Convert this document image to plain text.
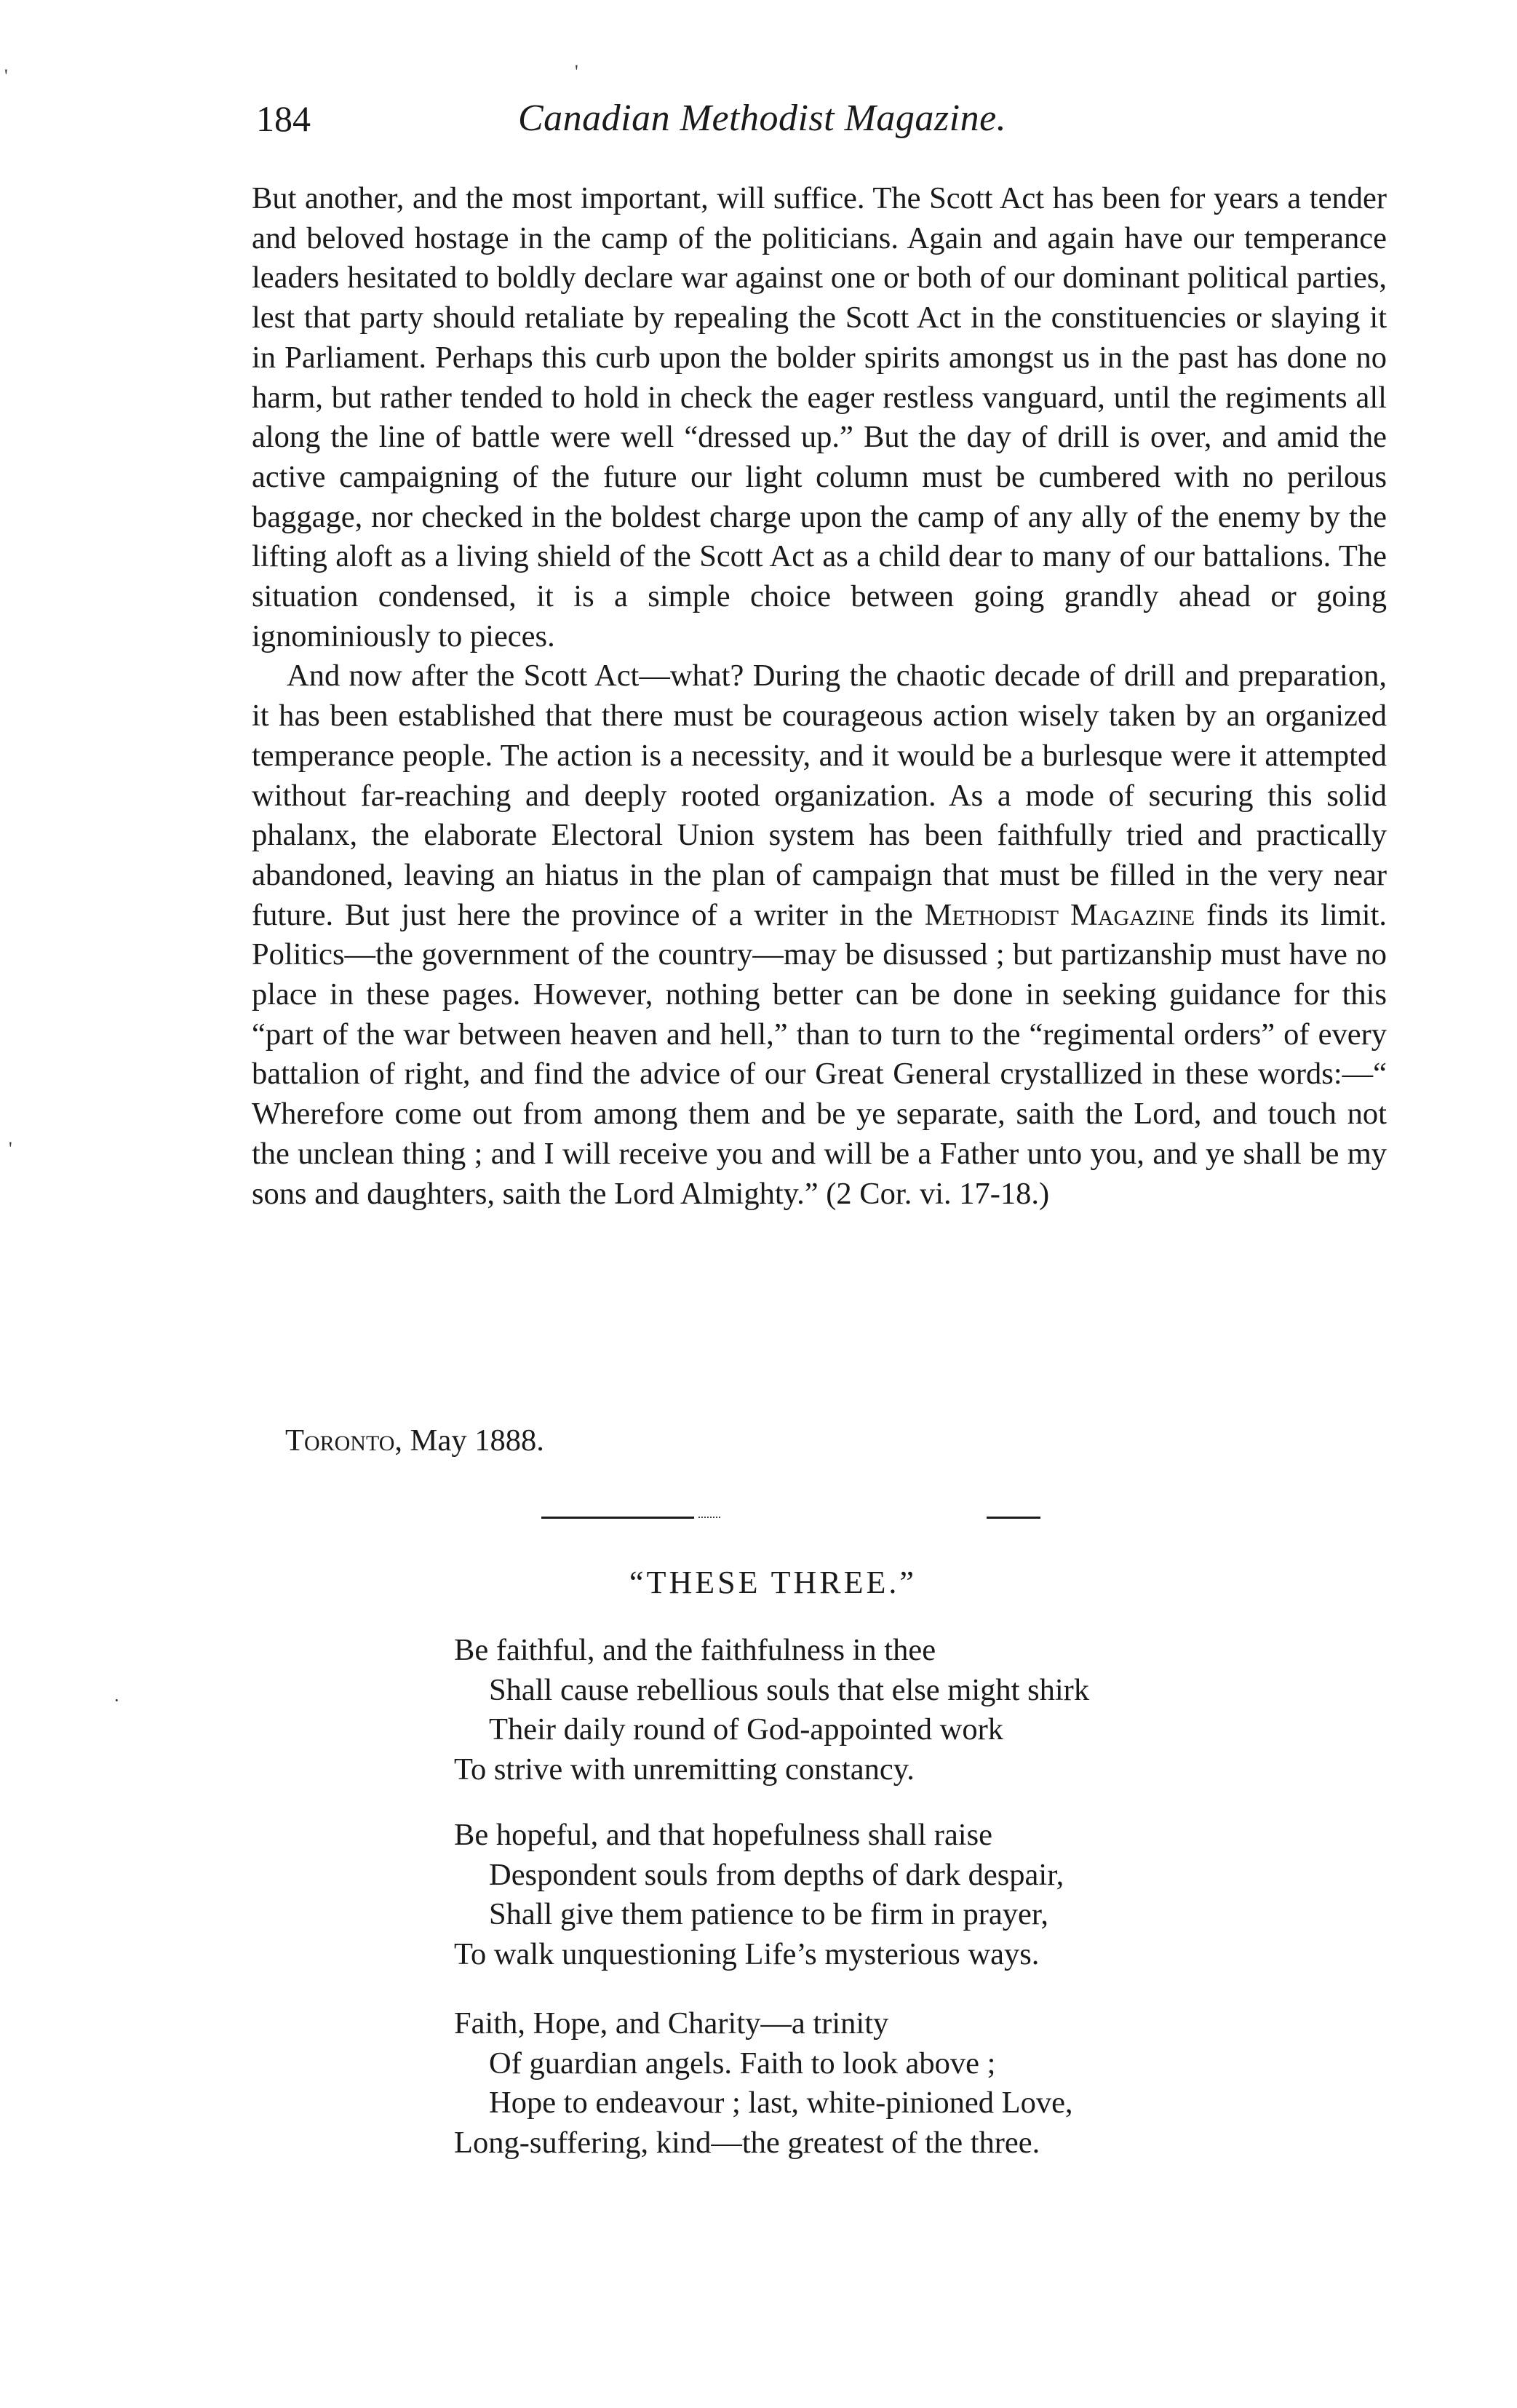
184	Canadian Methodist Magazine.

But another, and the most important, will suffice. The Scott Act has been for years a tender and beloved hostage in the camp of the politicians. Again and again have our temperance leaders hesitated to boldly declare war against one or both of our dominant political parties, lest that party should retaliate by repealing the Scott Act in the constituencies or slaying it in Parliament. Perhaps this curb upon the bolder spirits amongst us in the past has done no harm, but rather tended to hold in check the eager restless vanguard, until the regiments all along the line of battle were well “dressed up.” But the day of drill is over, and amid the active campaigning of the future our light column must be cumbered with no perilous baggage, nor checked in the boldest charge upon the camp of any ally of the enemy by the lifting aloft as a living shield of the Scott Act as a child dear to many of our battalions. The situation condensed, it is a simple choice between going grandly ahead or going ignominiously to pieces.

And now after the Scott Act—what? During the chaotic decade of drill and preparation, it has been established that there must be courageous action wisely taken by an organized temperance people. The action is a necessity, and it would be a burlesque were it attempted without far-reaching and deeply rooted organization. As a mode of securing this solid phalanx, the elaborate Electoral Union system has been faithfully tried and practically abandoned, leaving an hiatus in the plan of campaign that must be filled in the very near future. But just here the province of a writer in the Methodist Magazine finds its limit. Politics—the government of the country—may be disussed ; but partizanship must have no place in these pages. However, nothing better can be done in seeking guidance for this “part of the war between heaven and hell,” than to turn to the “regimental orders” of every battalion of right, and find the advice of our Great General crystallized in these words:—“ Wherefore come out from among them and be ye separate, saith the Lord, and touch not the unclean thing ; and I will receive you and will be a Father unto you, and ye shall be my sons and daughters, saith the Lord Almighty.” (2 Cor. vi. 17-18.)

Toronto, May 1888.
“THESE THREE.”
Be faithful, and the faithfulness in thee
Shall cause rebellious souls that else might shirk
Their daily round of God-appointed work
To strive with unremitting constancy.
Be hopeful, and that hopefulness shall raise
Despondent souls from depths of dark despair,
Shall give them patience to be firm in prayer,
To walk unquestioning Life’s mysterious ways.
Faith, Hope, and Charity—a trinity
Of guardian angels. Faith to look above ;
Hope to endeavour ; last, white-pinioned Love,
Long-suffering, kind—the greatest of the three.
'	'
'
·
